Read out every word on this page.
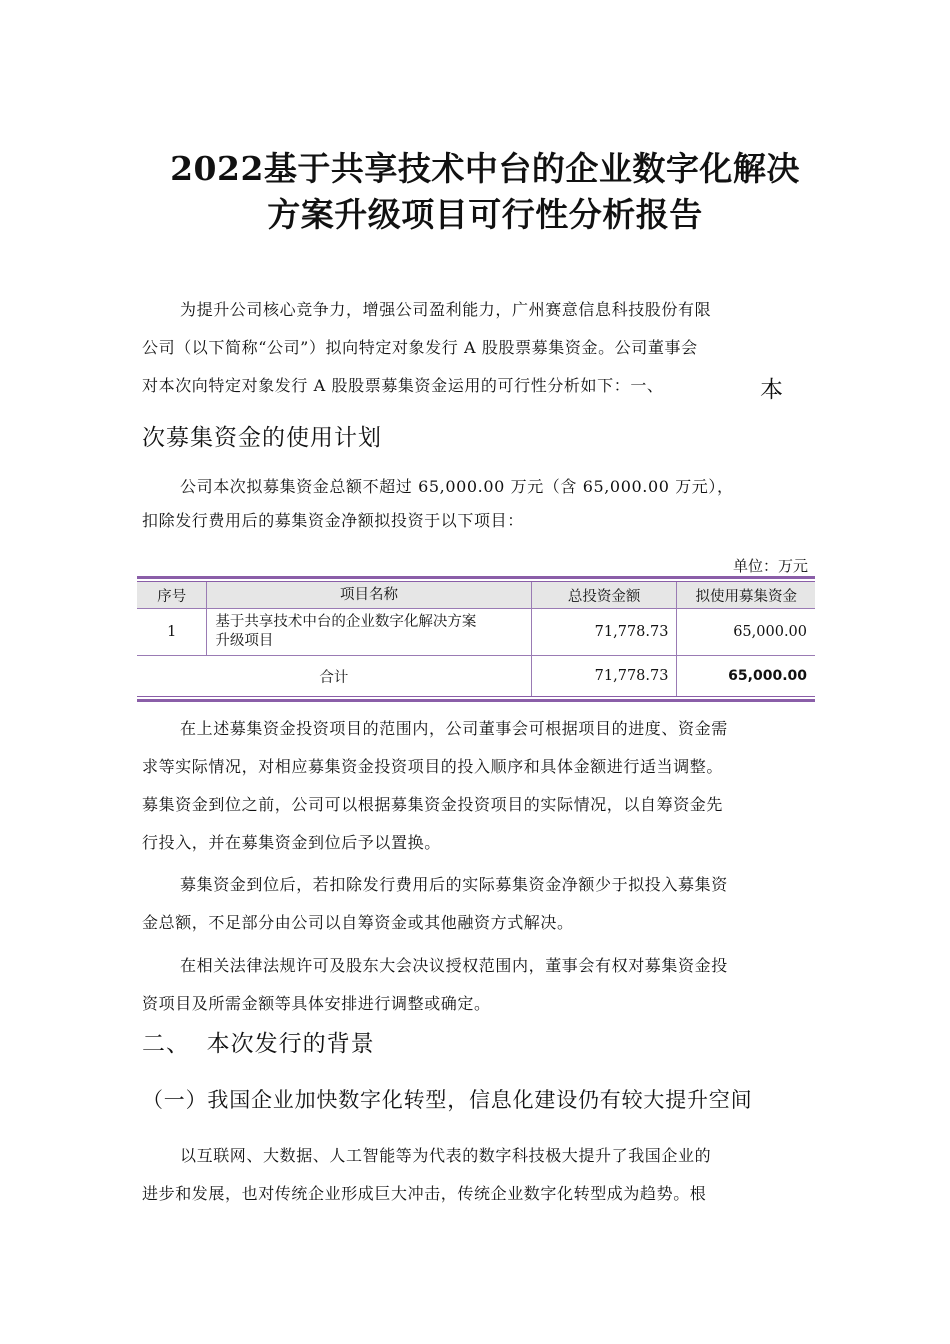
2022基于共享技术中台的企业数字化解决
方案升级项目可行性分析报告
为提升公司核心竞争力，增强公司盈利能力，广州赛意信息科技股份有限
公司（以下简称“公司”）拟向特定对象发行 A 股股票募集资金。公司董事会
对本次向特定对象发行 A 股股票募集资金运用的可行性分析如下：一、	本
次募集资金的使用计划
公司本次拟募集资金总额不超过 65,000.00 万元（含 65,000.00 万元），
扣除发行费用后的募集资金净额拟投资于以下项目：
单位：万元
序号	项目名称	总投资金额	拟使用募集资金
1	基于共享技术中台的企业数字化解决方案
升级项目	71,778.73	65,000.00
合计		71,778.73	65,000.00
在上述募集资金投资项目的范围内，公司董事会可根据项目的进度、资金需
求等实际情况，对相应募集资金投资项目的投入顺序和具体金额进行适当调整。
募集资金到位之前，公司可以根据募集资金投资项目的实际情况，以自筹资金先
行投入，并在募集资金到位后予以置换。
募集资金到位后，若扣除发行费用后的实际募集资金净额少于拟投入募集资
金总额，不足部分由公司以自筹资金或其他融资方式解决。
在相关法律法规许可及股东大会决议授权范围内，董事会有权对募集资金投
资项目及所需金额等具体安排进行调整或确定。
二、  本次发行的背景
（一）我国企业加快数字化转型，信息化建设仍有较大提升空间
以互联网、大数据、人工智能等为代表的数字科技极大提升了我国企业的
进步和发展，也对传统企业形成巨大冲击，传统企业数字化转型成为趋势。根
